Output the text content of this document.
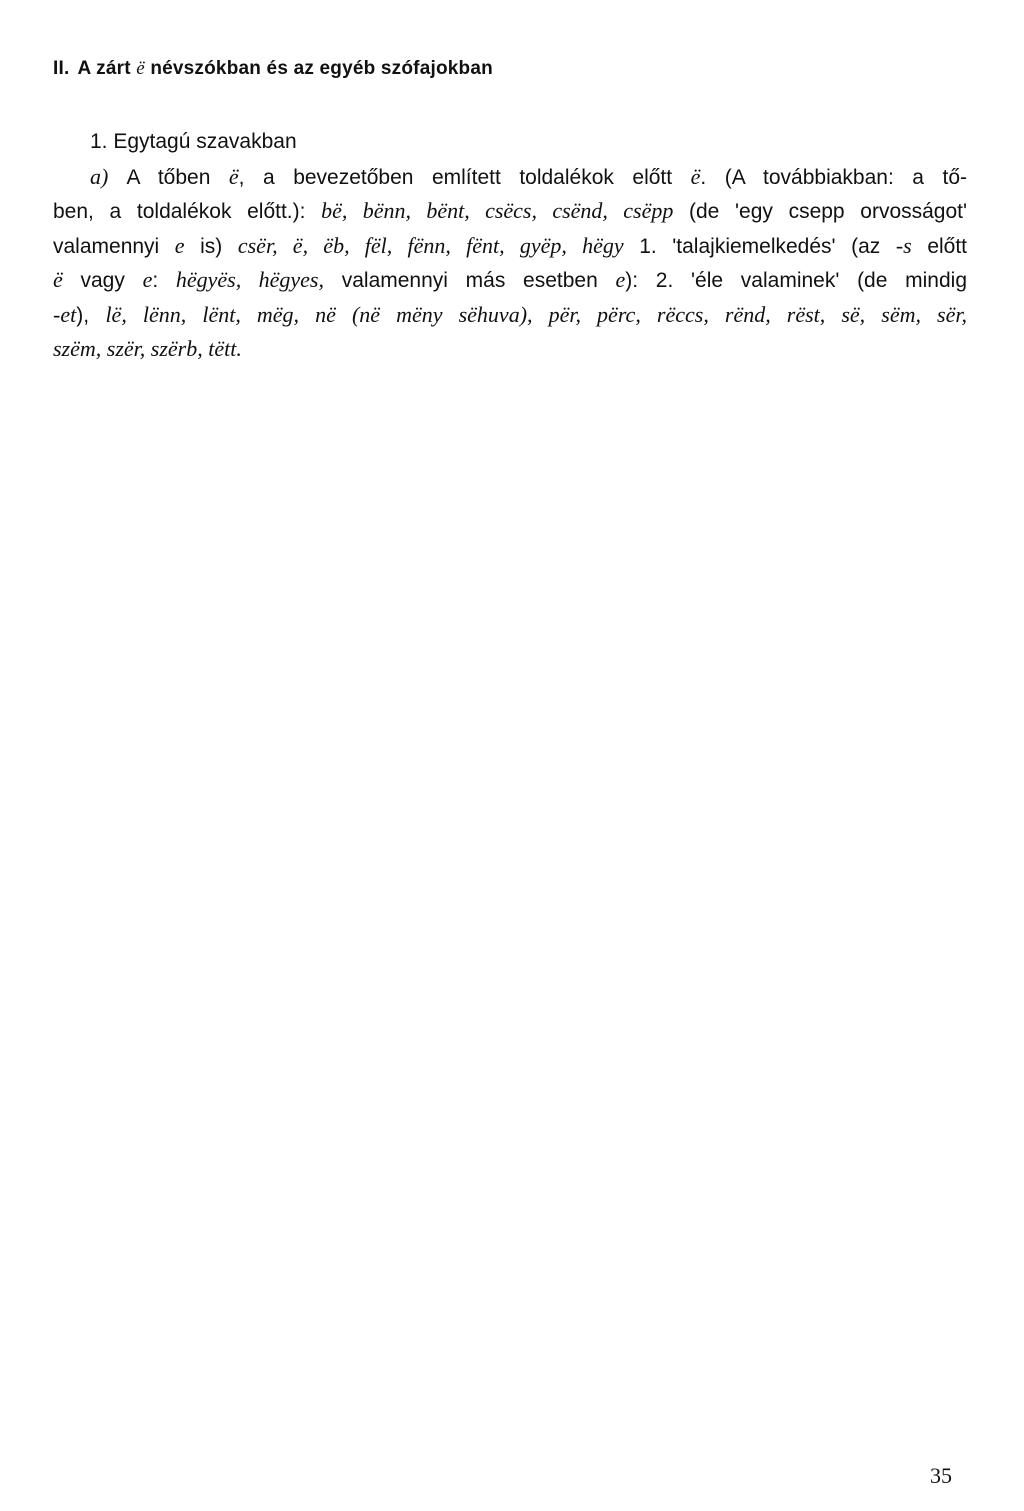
II. A zárt ë névszókban és az egyéb szófajokban
1. Egytagú szavakban
a) A tőben ë, a bevezetőben említett toldalékok előtt ë. (A továbbiakban: a tő-
ben, a toldalékok előtt.): bë, bënn, bënt, csëcs, csënd, csëpp (de 'egy csepp orvosságot'
valamennyi e is) csër, ë, ëb, fël, fënn, fënt, gyëp, hëgy 1. 'talajkiemelkedés' (az -s előtt
ë vagy e: hëgyës, hëgyes, valamennyi más esetben e): 2. 'éle valaminek' (de mindig
-et), lë, lënn, lënt, mëg, në (në mëny sëhuva), për, përc, rëccs, rënd, rëst, së, sëm, sër,
szëm, szër, szërb, tëtt.
35
